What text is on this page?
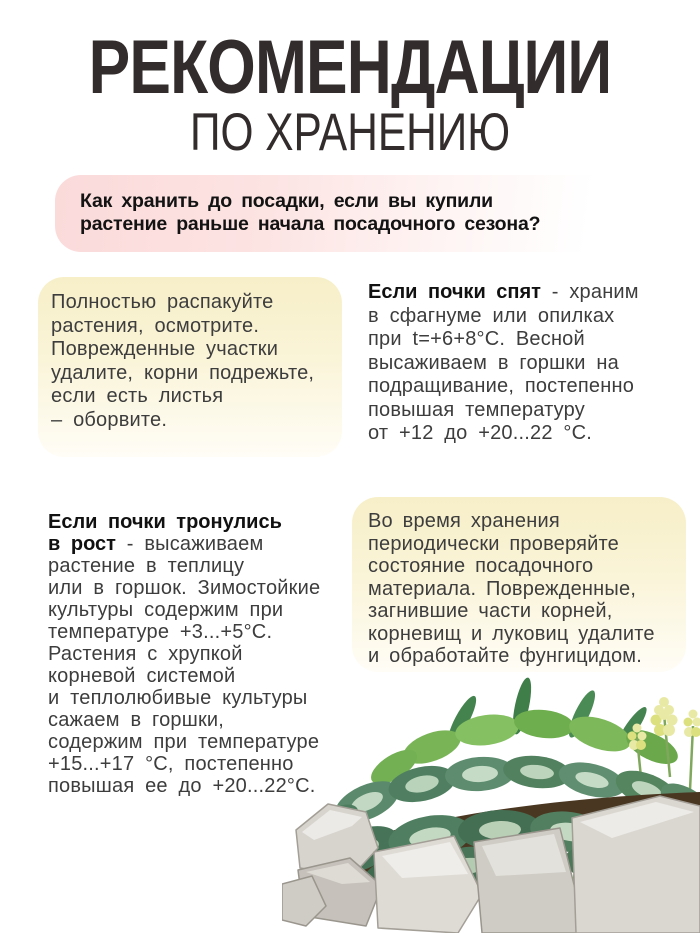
РЕКОМЕНДАЦИИ
ПО ХРАНЕНИЮ
Как хранить до посадки, если вы купили
растение раньше начала посадочного сезона?
Полностью распакуйте
растения, осмотрите.
Поврежденные участки
удалите, корни подрежьте,
если есть листья
– оборвите.
Если почки спят - храним
в сфагнуме или опилках
при t=+6+8°C. Весной
высаживаем в горшки на
подращивание, постепенно
повышая температуру
от +12 до +20...22 °C.
Если почки тронулись
в рост - высаживаем
растение в теплицу
или в горшок. Зимостойкие
культуры содержим при
температуре +3...+5°C.
Растения с хрупкой
корневой системой
и теплолюбивые культуры
сажаем в горшки,
содержим при температуре
+15...+17 °C, постепенно
повышая ее до +20...22°C.
Во время хранения
периодически проверяйте
состояние посадочного
материала. Поврежденные,
загнившие части корней,
корневищ и луковиц удалите
и обработайте фунгицидом.
